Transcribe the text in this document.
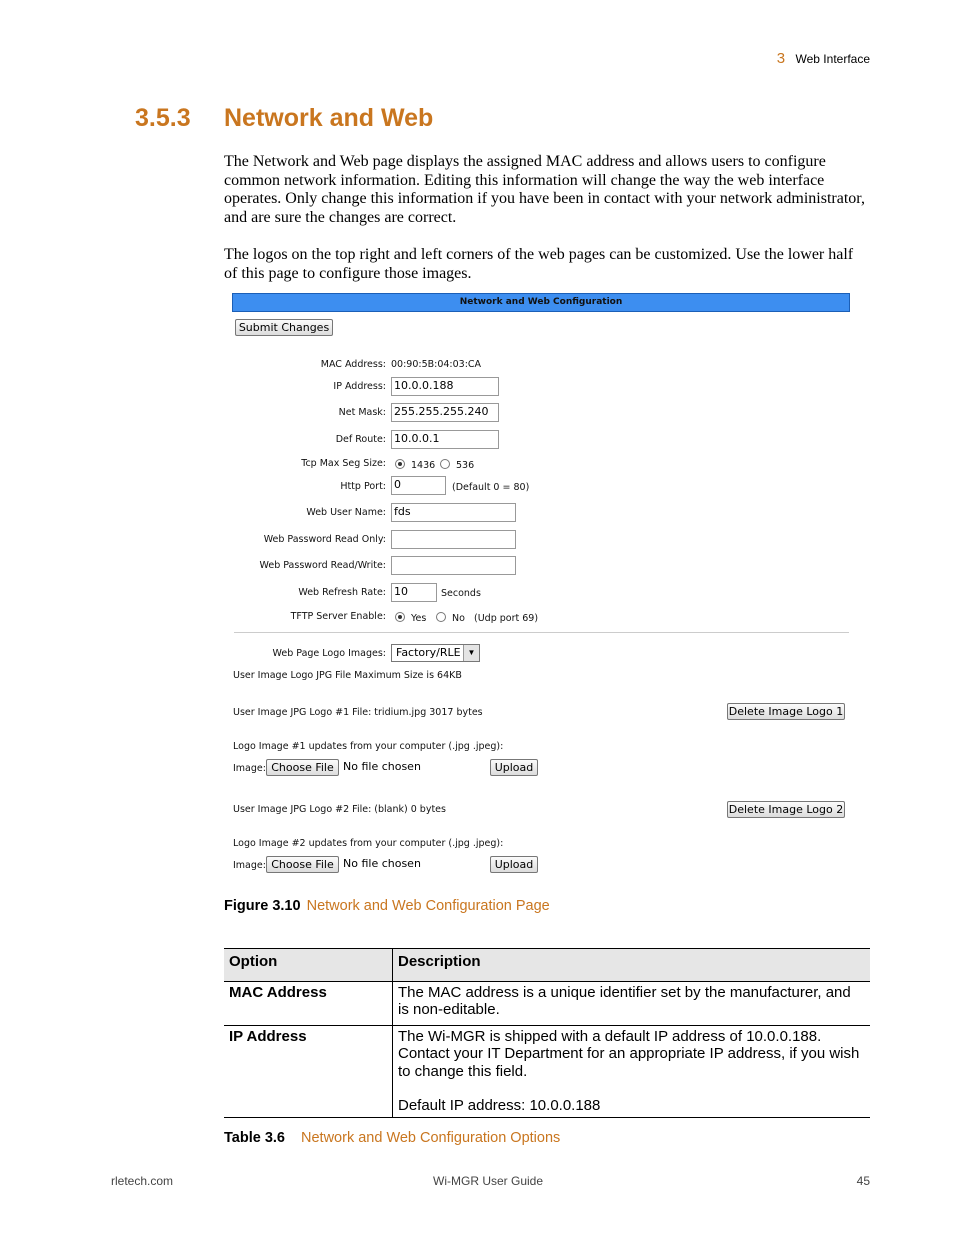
3 Web Interface
3.5.3 Network and Web
The Network and Web page displays the assigned MAC address and allows users to configure common network information. Editing this information will change the way the web interface operates. Only change this information if you have been in contact with your network administrator, and are sure the changes are correct.
The logos on the top right and left corners of the web pages can be customized. Use the lower half of this page to configure those images.
Network and Web Configuration
Submit Changes
MAC Address: 00:90:5B:04:03:CA
IP Address: 10.0.0.188
Net Mask: 255.255.255.240
Def Route: 10.0.0.1
Tcp Max Seg Size:	1436 536
Http Port: 0	(Default 0 = 80)
Web User Name: fds
Web Password Read Only:
Web Password Read/Write:
Web Refresh Rate: 10	Seconds
TFTP Server Enable:	Yes	No (Udp port 69)
Web Page Logo Images: Factory/RLE ▼
User Image Logo JPG File Maximum Size is 64KB
User Image JPG Logo #1 File: tridium.jpg 3017 bytes	Delete Image Logo 1
Logo Image #1 updates from your computer (.jpg .jpeg):
Image: Choose File No file chosen	Upload
User Image JPG Logo #2 File: (blank) 0 bytes	Delete Image Logo 2
Logo Image #2 updates from your computer (.jpg .jpeg):
Image: Choose File No file chosen	Upload
Figure 3.10 Network and Web Configuration Page
Option	Description
MAC Address	The MAC address is a unique identifier set by the manufacturer, and is non-editable.

IP Address	The Wi-MGR is shipped with a default IP address of 10.0.0.188. Contact your IT Department for an appropriate IP address, if you wish to change this field.
Default IP address: 10.0.0.188
Table 3.6 Network and Web Configuration Options
rletech.com	Wi-MGR User Guide	45
